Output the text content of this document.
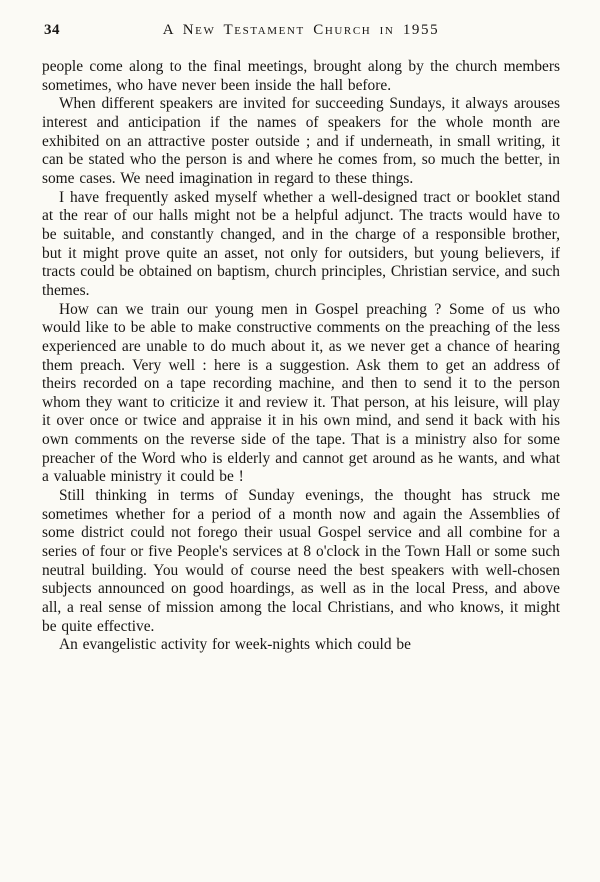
34	A New Testament Church in 1955

people come along to the final meetings, brought along by the church members sometimes, who have never been inside the hall before.

When different speakers are invited for succeeding Sundays, it always arouses interest and anticipation if the names of speakers for the whole month are exhibited on an attractive poster outside ; and if underneath, in small writing, it can be stated who the person is and where he comes from, so much the better, in some cases. We need imagination in regard to these things.

I have frequently asked myself whether a well-designed tract or booklet stand at the rear of our halls might not be a helpful adjunct. The tracts would have to be suitable, and constantly changed, and in the charge of a responsible brother, but it might prove quite an asset, not only for outsiders, but young believers, if tracts could be obtained on baptism, church principles, Christian service, and such themes.

How can we train our young men in Gospel preaching ? Some of us who would like to be able to make constructive comments on the preaching of the less experienced are unable to do much about it, as we never get a chance of hearing them preach. Very well : here is a suggestion. Ask them to get an address of theirs recorded on a tape recording machine, and then to send it to the person whom they want to criticize it and review it. That person, at his leisure, will play it over once or twice and appraise it in his own mind, and send it back with his own comments on the reverse side of the tape. That is a ministry also for some preacher of the Word who is elderly and cannot get around as he wants, and what a valuable ministry it could be !

Still thinking in terms of Sunday evenings, the thought has struck me sometimes whether for a period of a month now and again the Assemblies of some district could not forego their usual Gospel service and all combine for a series of four or five People's services at 8 o'clock in the Town Hall or some such neutral building. You would of course need the best speakers with well-chosen subjects announced on good hoardings, as well as in the local Press, and above all, a real sense of mission among the local Christians, and who knows, it might be quite effective.

An evangelistic activity for week-nights which could be
